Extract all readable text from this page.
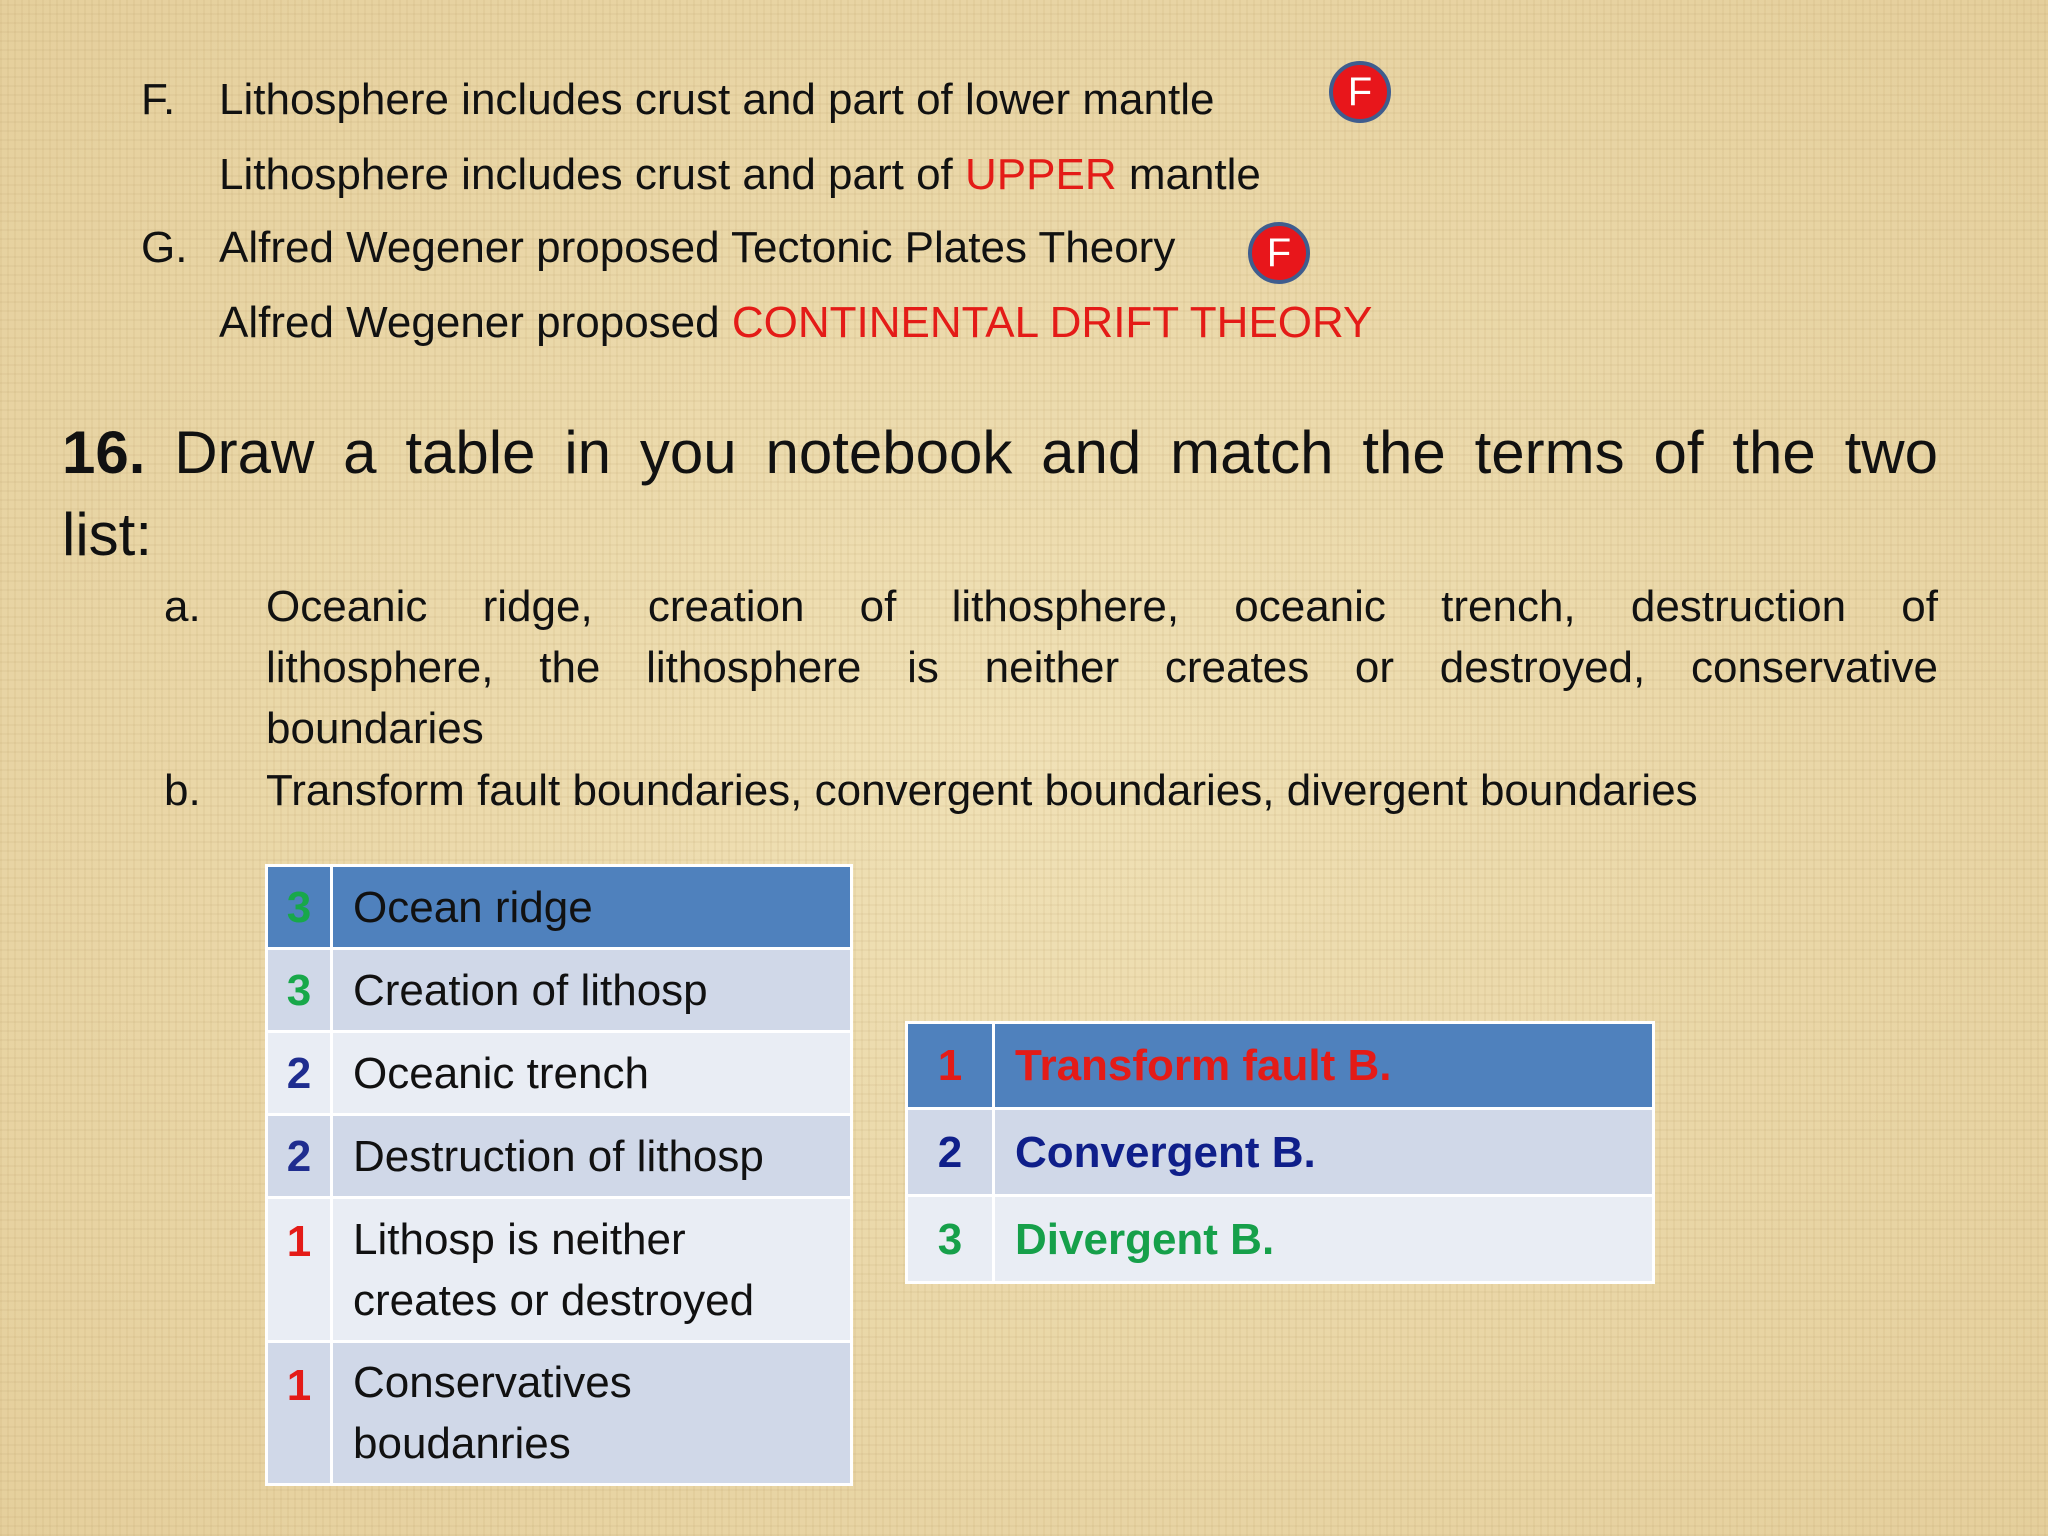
F. Lithosphere includes crust and part of lower mantle	F
Lithosphere includes crust and part of UPPER mantle
G. Alfred Wegener proposed Tectonic Plates Theory	F
Alfred Wegener proposed CONTINENTAL DRIFT THEORY
16. Draw a table in you notebook and match the terms of the two
list:
a. Oceanic ridge, creation of lithosphere, oceanic trench, destruction of
lithosphere, the lithosphere is neither creates or destroyed, conservative
boundaries
b. Transform fault boundaries, convergent boundaries, divergent boundaries
3	Ocean ridge
3	Creation of lithosp
2	Oceanic trench
2	Destruction of lithosp
1	Lithosp is neither
creates or destroyed

1	Conservatives
boudanries
1	Transform fault B.
2	Convergent B.
3	Divergent B.
